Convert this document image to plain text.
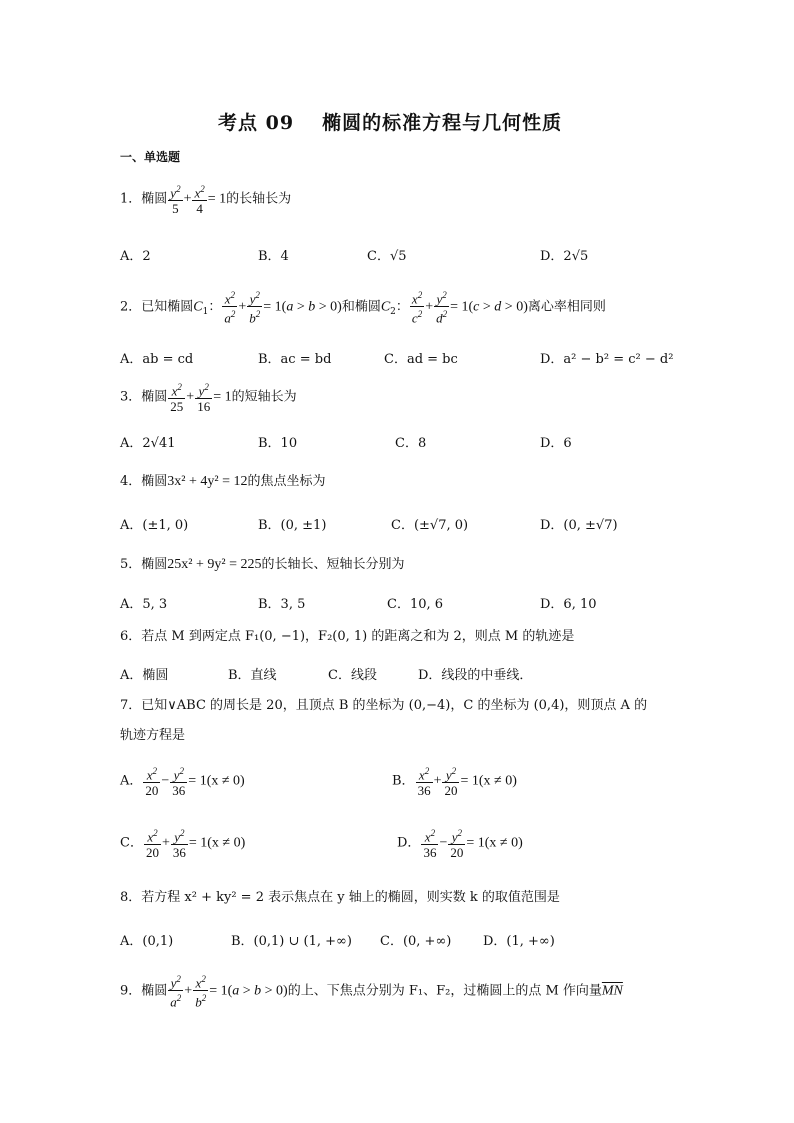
考点 09 椭圆的标准方程与几何性质
一、单选题
1．椭圆 $\frac{y^2}{5} + \frac{x^2}{4} = 1$的长轴长为
A．2	B．4	C．√5	D．2√5
2．已知椭圆$C_1$： $\frac{x^2}{a^2} + \frac{y^2}{b^2} = 1(a > b > 0)$和椭圆$C_2$： $\frac{x^2}{c^2} + \frac{y^2}{d^2} = 1(c > d > 0)$离心率相同则
A．ab = cd	B．ac = bd	C．ad = bc	D．a² − b² = c² − d²
3．椭圆 $\frac{x^2}{25} + \frac{y^2}{16} = 1$的短轴长为
A．2√41	B．10	C．8	D．6
4．椭圆3x² + 4y² = 12的焦点坐标为
A．(±1, 0)	B．(0, ±1)	C．(±√7, 0)	D．(0, ±√7)
5．椭圆25x² + 9y² = 225的长轴长、短轴长分别为
A．5, 3	B．3, 5	C．10, 6	D．6, 10
6．若点 M 到两定点 F₁(0, −1)，F₂(0, 1) 的距离之和为 2，则点 M 的轨迹是
A．椭圆	B．直线	C．线段	D．线段的中垂线．
7．已知∨ABC 的周长是 20，且顶点 B 的坐标为 (0,−4)，C 的坐标为 (0,4)，则顶点 A 的
轨迹方程是
A． $\frac{x^2}{20} - \frac{y^2}{36} = 1(x \ne 0)$	B． $\frac{x^2}{36} + \frac{y^2}{20} = 1(x \ne 0)$
C． $\frac{x^2}{20} + \frac{y^2}{36} = 1(x \ne 0)$	D． $\frac{x^2}{36} - \frac{y^2}{20} = 1(x \ne 0)$
8．若方程 x² + ky² = 2 表示焦点在 y 轴上的椭圆，则实数 k 的取值范围是
A．(0,1)	B．(0,1) ∪ (1, +∞) C．(0, +∞) D．(1, +∞)
9．椭圆 $\frac{y^2}{a^2} + \frac{x^2}{b^2} = 1(a > b > 0)$的上、下焦点分别为 F₁、F₂，过椭圆上的点 M 作向量$\overline{MN}$
